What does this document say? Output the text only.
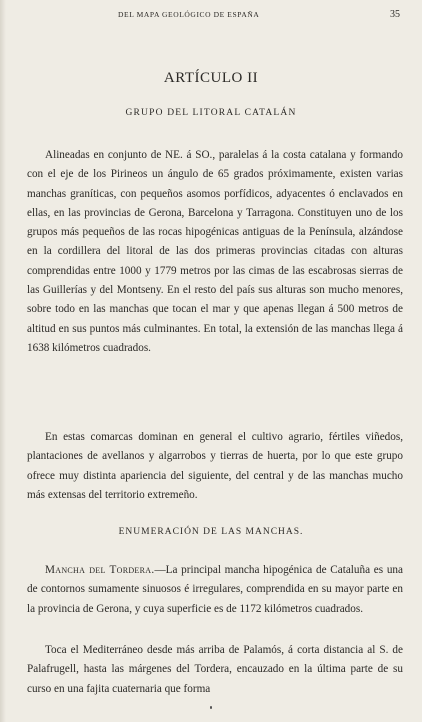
DEL MAPA GEOLÓGICO DE ESPAÑA	35
ARTÍCULO II
GRUPO DEL LITORAL CATALÁN

Alineadas en conjunto de NE. á SO., paralelas á la costa catalana y formando con el eje de los Pirineos un ángulo de 65 grados próximamente, existen varias manchas graníticas, con pequeños asomos porfídicos, adyacentes ó enclavados en ellas, en las provincias de Gerona, Barcelona y Tarragona. Constituyen uno de los grupos más pequeños de las rocas hipogénicas antiguas de la Península, alzándose en la cordillera del litoral de las dos primeras provincias citadas con alturas comprendidas entre 1000 y 1779 metros por las cimas de las escabrosas sierras de las Guillerías y del Montseny. En el resto del país sus alturas son mucho menores, sobre todo en las manchas que tocan el mar y que apenas llegan á 500 metros de altitud en sus puntos más culminantes. En total, la extensión de las manchas llega á 1638 kilómetros cuadrados.

En estas comarcas dominan en general el cultivo agrario, fértiles viñedos, plantaciones de avellanos y algarrobos y tierras de huerta, por lo que este grupo ofrece muy distinta apariencia del siguiente, del central y de las manchas mucho más extensas del territorio extremeño.

ENUMERACIÓN DE LAS MANCHAS.

Mancha del Tordera.—La principal mancha hipogénica de Cataluña es una de contornos sumamente sinuosos é irregulares, comprendida en su mayor parte en la provincia de Gerona, y cuya superficie es de 1172 kilómetros cuadrados.

Toca el Mediterráneo desde más arriba de Palamós, á corta distancia al S. de Palafrugell, hasta las márgenes del Tordera, encauzado en la última parte de su curso en una fajita cuaternaria que forma
